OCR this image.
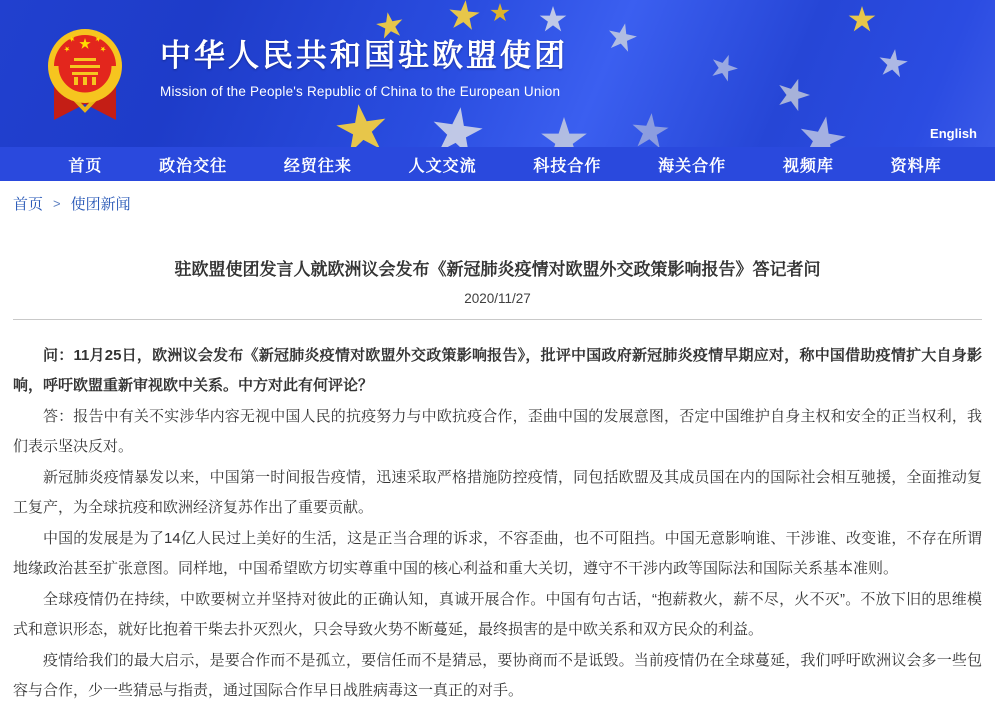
中华人民共和国驻欧盟使团
Mission of the People's Republic of China to the European Union
English
首页	政治交往	经贸往来	人文交流	科技合作	海关合作	视频库	资料库
首页 > 使团新闻
驻欧盟使团发言人就欧洲议会发布《新冠肺炎疫情对欧盟外交政策影响报告》答记者问
2020/11/27

问：11月25日，欧洲议会发布《新冠肺炎疫情对欧盟外交政策影响报告》，批评中国政府新冠肺炎疫情早期应对，称中国借助疫情扩大自身影响，呼吁欧盟重新审视欧中关系。中方对此有何评论？

答：报告中有关不实涉华内容无视中国人民的抗疫努力与中欧抗疫合作，歪曲中国的发展意图，否定中国维护自身主权和安全的正当权利，我们表示坚决反对。

新冠肺炎疫情暴发以来，中国第一时间报告疫情，迅速采取严格措施防控疫情，同包括欧盟及其成员国在内的国际社会相互驰援，全面推动复工复产，为全球抗疫和欧洲经济复苏作出了重要贡献。

中国的发展是为了14亿人民过上美好的生活，这是正当合理的诉求，不容歪曲，也不可阻挡。中国无意影响谁、干涉谁、改变谁，不存在所谓地缘政治甚至扩张意图。同样地，中国希望欧方切实尊重中国的核心利益和重大关切，遵守不干涉内政等国际法和国际关系基本准则。

全球疫情仍在持续，中欧要树立并坚持对彼此的正确认知，真诚开展合作。中国有句古话，“抱薪救火，薪不尽，火不灭”。不放下旧的思维模式和意识形态，就好比抱着干柴去扑灭烈火，只会导致火势不断蔓延，最终损害的是中欧关系和双方民众的利益。

疫情给我们的最大启示，是要合作而不是孤立，要信任而不是猜忌，要协商而不是诋毁。当前疫情仍在全球蔓延，我们呼吁欧洲议会多一些包容与合作，少一些猜忌与指责，通过国际合作早日战胜病毒这一真正的对手。
